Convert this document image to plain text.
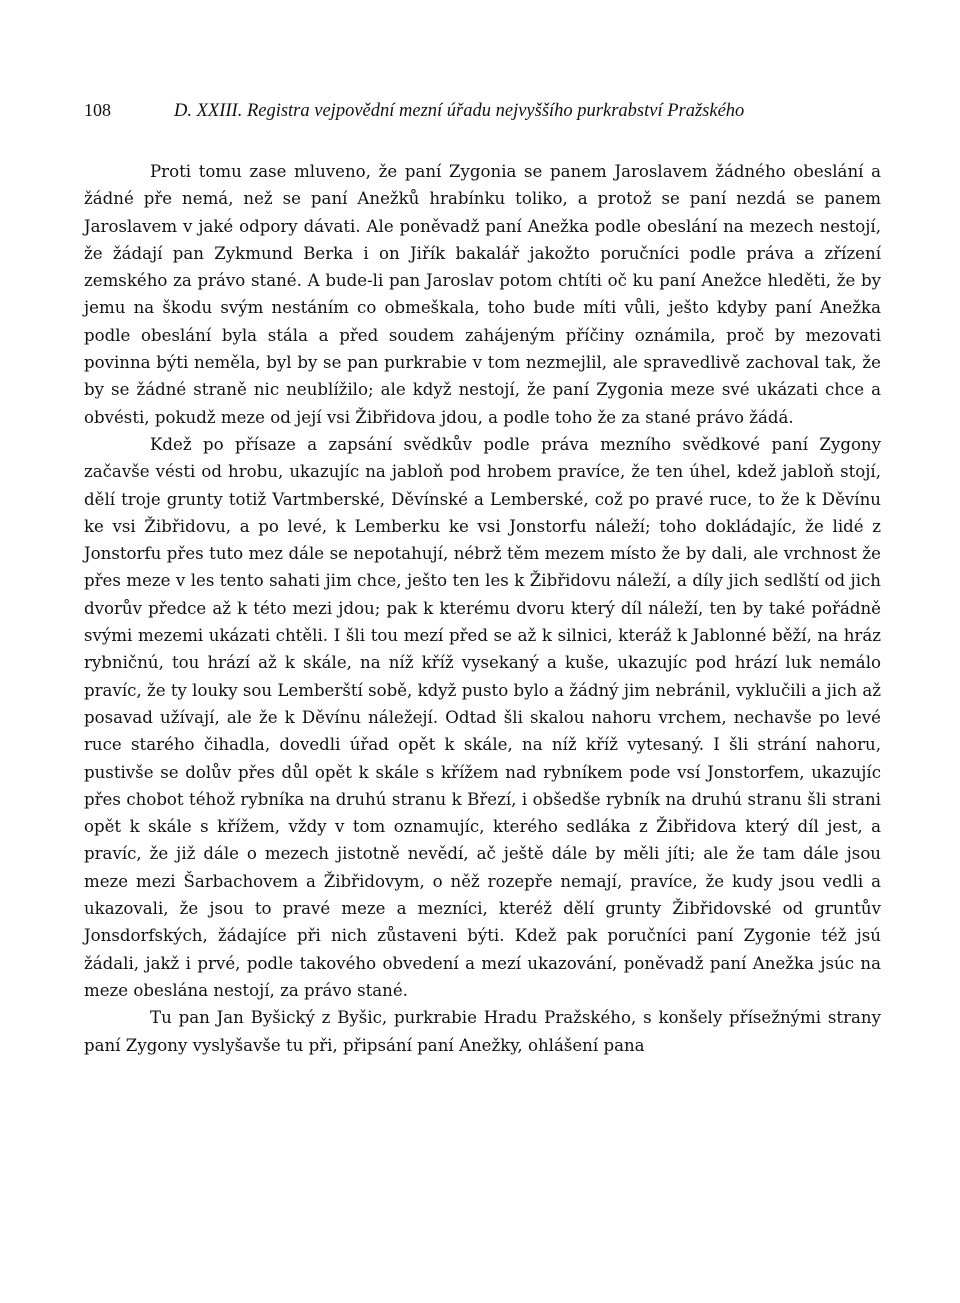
108	D. XXIII. Registra vejpovědní mezní úřadu nejvyššího purkrabství Pražského

Proti tomu zase mluveno, že paní Zygonia se panem Jaroslavem žádného obeslání a žádné pře nemá, než se paní Anežků hrabínku toliko, a protož se paní nezdá se panem Jaroslavem v jaké odpory dávati. Ale poněvadž paní Anežka podle obeslání na mezech nestojí, že žádají pan Zykmund Berka i on Jiřík bakalář jakožto poručníci podle práva a zřízení zemského za právo stané. A bude-li pan Jaroslav potom chtíti oč ku paní Anežce hleděti, že by jemu na škodu svým nestáním co obmeškala, toho bude míti vůli, ješto kdyby paní Anežka podle obeslání byla stála a před soudem zahájeným příčiny oznámila, proč by mezovati povinna býti neměla, byl by se pan purkrabie v tom nezmejlil, ale spravedlivě zachoval tak, že by se žádné straně nic neublížilo; ale když nestojí, že paní Zygonia meze své ukázati chce a obvésti, pokudž meze od její vsi Žibřidova jdou, a podle toho že za stané právo žádá.

Kdež po přísaze a zapsání svědkův podle práva mezního svědkové paní Zygony začavše vésti od hrobu, ukazujíc na jabloň pod hrobem pravíce, že ten úhel, kdež jabloň stojí, dělí troje grunty totiž Vartmberské, Děvínské a Lemberské, což po pravé ruce, to že k Děvínu ke vsi Žibřidovu, a po levé, k Lemberku ke vsi Jonstorfu náleží; toho dokládajíc, že lidé z Jonstorfu přes tuto mez dále se nepotahují, nébrž těm mezem místo že by dali, ale vrchnost že přes meze v les tento sahati jim chce, ješto ten les k Žibřidovu náleží, a díly jich sedlští od jich dvorův předce až k této mezi jdou; pak k kterému dvoru který díl náleží, ten by také pořádně svými mezemi ukázati chtěli. I šli tou mezí před se až k silnici, kteráž k Jablonné běží, na hráz rybničnú, tou hrází až k skále, na níž kříž vysekaný a kuše, ukazujíc pod hrází luk nemálo pravíc, že ty louky sou Lemberští sobě, když pusto bylo a žádný jim nebránil, vyklučili a jich až posavad užívají, ale že k Děvínu náležejí. Odtad šli skalou nahoru vrchem, nechavše po levé ruce starého čihadla, dovedli úřad opět k skále, na níž kříž vytesaný. I šli strání nahoru, pustivše se dolův přes důl opět k skále s křížem nad rybníkem pode vsí Jonstorfem, ukazujíc přes chobot téhož rybníka na druhú stranu k Březí, i obšedše rybník na druhú stranu šli strani opět k skále s křížem, vždy v tom oznamujíc, kterého sedláka z Žibřidova který díl jest, a pravíc, že již dále o mezech jistotně nevědí, ač ještě dále by měli jíti; ale že tam dále jsou meze mezi Šarbachovem a Žibřidovym, o něž rozepře nemají, pravíce, že kudy jsou vedli a ukazovali, že jsou to pravé meze a mezníci, kteréž dělí grunty Žibřidovské od gruntův Jonsdorfských, žádajíce při nich zůstaveni býti. Kdež pak poručníci paní Zygonie též jsú žádali, jakž i prvé, podle takového obvedení a mezí ukazování, poněvadž paní Anežka jsúc na meze obeslána nestojí, za právo stané.

Tu pan Jan Byšický z Byšic, purkrabie Hradu Pražského, s konšely přísežnými strany paní Zygony vyslyšavše tu při, připsání paní Anežky, ohlášení pana
